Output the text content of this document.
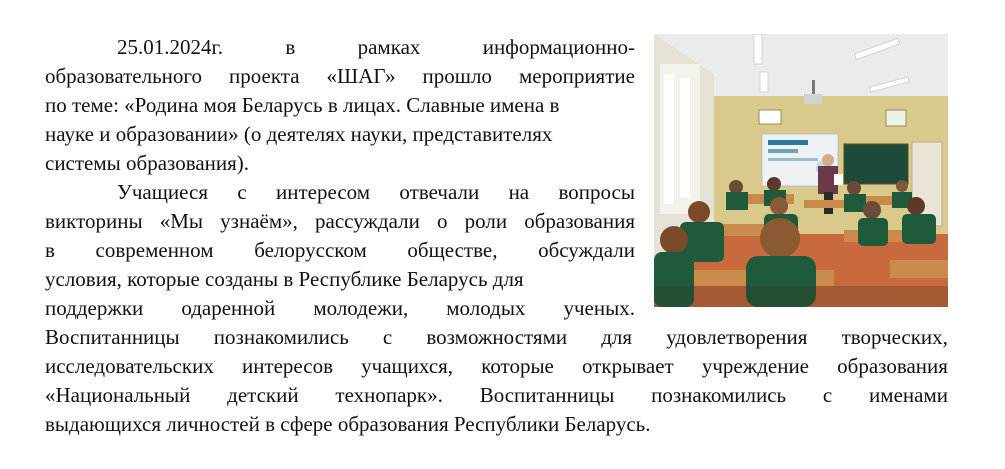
25.01.2024г.	в	рамках	информационно-
образовательного проекта «ШАГ» прошло мероприятие
по теме: «Родина моя Беларусь в лицах. Славные имена в
науке и образовании» (о деятелях науки, представителях
системы образования).
Учащиеся с интересом отвечали на вопросы
викторины «Мы узнаём», рассуждали о роли образования
в современном белорусском обществе, обсуждали
условия, которые созданы в Республике Беларусь для
поддержки одаренной молодежи, молодых ученых.
Воспитанницы познакомились с возможностями для удовлетворения творческих,
исследовательских интересов учащихся, которые открывает учреждение образования
«Национальный детский технопарк». Воспитанницы познакомились с именами
выдающихся личностей в сфере образования Республики Беларусь.
